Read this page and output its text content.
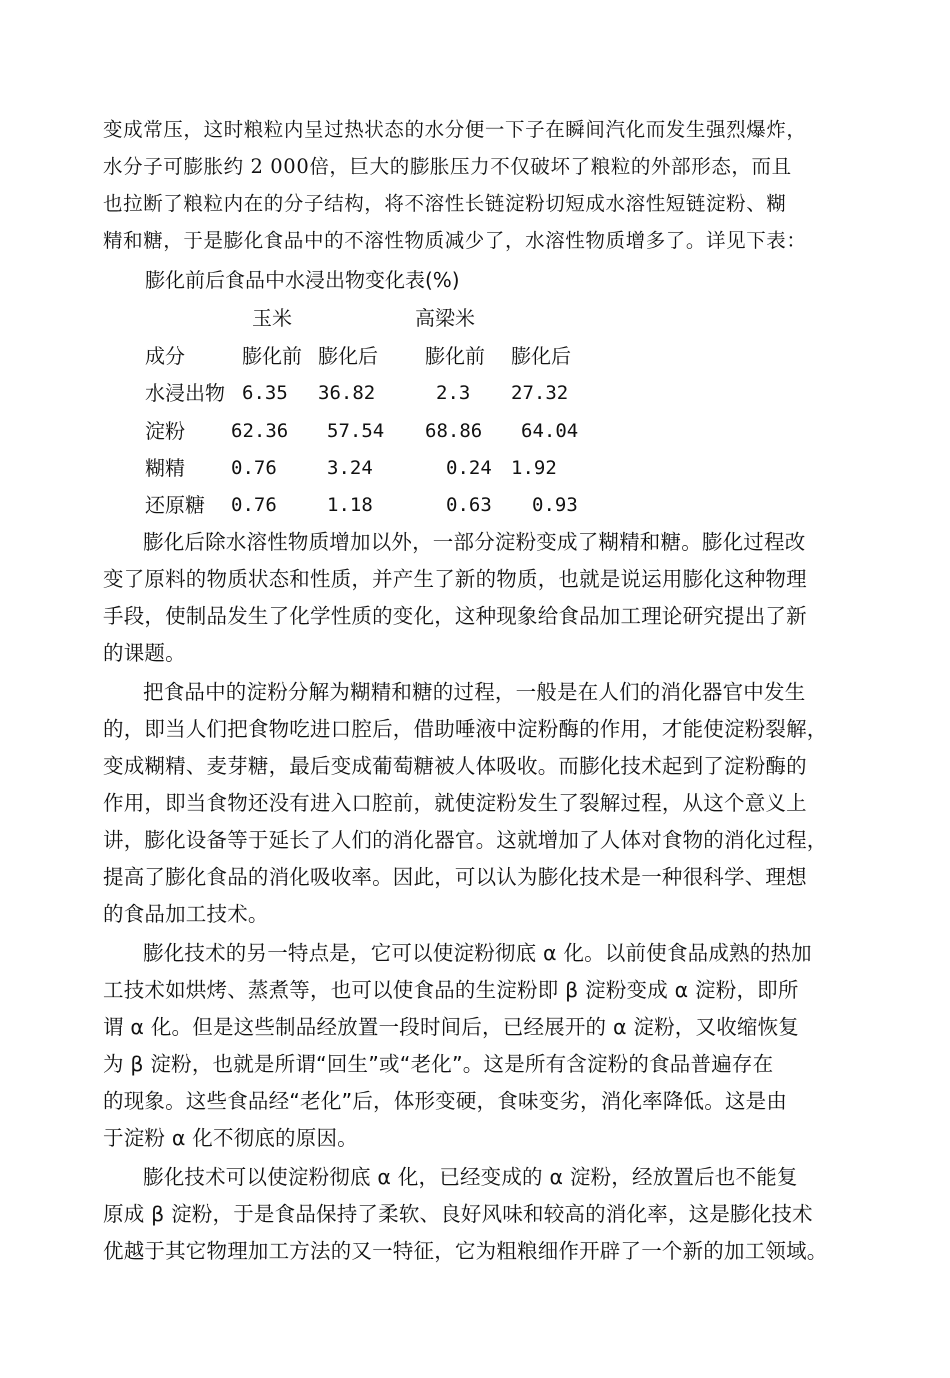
变成常压，这时粮粒内呈过热状态的水分便一下子在瞬间汽化而发生强烈爆炸，
水分子可膨胀约 2 000倍，巨大的膨胀压力不仅破坏了粮粒的外部形态，而且
也拉断了粮粒内在的分子结构，将不溶性长链淀粉切短成水溶性短链淀粉、糊
精和糖，于是膨化食品中的不溶性物质减少了，水溶性物质增多了。详见下表：
膨化前后食品中水浸出物变化表(%)
玉米	高梁米
成分	膨化前 膨化后 膨化前 膨化后
水浸出物 6.35 36.82	2.3 27.32
淀粉 62.36 57.54 68.86 64.04
糊精 0.76	3.24	0.24 1.92
还原糖 0.76	1.18	0.63 0.93
膨化后除水溶性物质增加以外，一部分淀粉变成了糊精和糖。膨化过程改
变了原料的物质状态和性质，并产生了新的物质，也就是说运用膨化这种物理
手段，使制品发生了化学性质的变化，这种现象给食品加工理论研究提出了新
的课题。
把食品中的淀粉分解为糊精和糖的过程，一般是在人们的消化器官中发生
的，即当人们把食物吃进口腔后，借助唾液中淀粉酶的作用，才能使淀粉裂解，
变成糊精、麦芽糖，最后变成葡萄糖被人体吸收。而膨化技术起到了淀粉酶的
作用，即当食物还没有进入口腔前，就使淀粉发生了裂解过程，从这个意义上
讲，膨化设备等于延长了人们的消化器官。这就增加了人体对食物的消化过程，
提高了膨化食品的消化吸收率。因此，可以认为膨化技术是一种很科学、理想
的食品加工技术。
膨化技术的另一特点是，它可以使淀粉彻底 α 化。以前使食品成熟的热加
工技术如烘烤、蒸煮等，也可以使食品的生淀粉即 β 淀粉变成 α 淀粉，即所
谓 α 化。但是这些制品经放置一段时间后，已经展开的 α 淀粉，又收缩恢复
为 β 淀粉，也就是所谓“回生”或“老化”。这是所有含淀粉的食品普遍存在
的现象。这些食品经“老化”后，体形变硬，食味变劣，消化率降低。这是由
于淀粉 α 化不彻底的原因。
膨化技术可以使淀粉彻底 α 化，已经变成的 α 淀粉，经放置后也不能复
原成 β 淀粉，于是食品保持了柔软、良好风味和较高的消化率，这是膨化技术
优越于其它物理加工方法的又一特征，它为粗粮细作开辟了一个新的加工领域。
